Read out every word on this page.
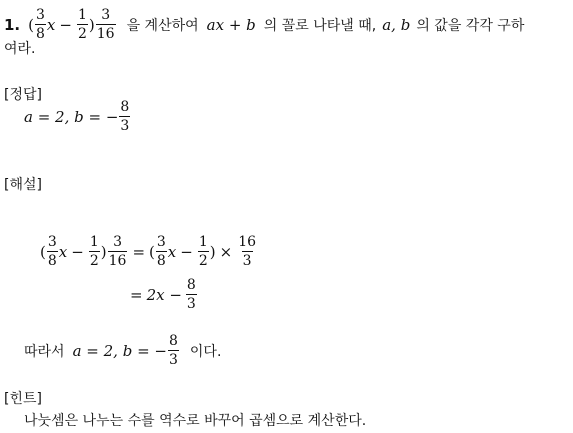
1. ( $\frac{3}{8}$ $x - \frac{1}{2}$ ) $\frac{3}{16}$ 을 계산하여 ax + b 의 꼴로 나타낼 때, a, b 의 값을 각각 구하
여라.
[정답]
a = 2, b = − $\frac{8}{3}$
[해설]
( $\frac{3}{8}$ $x - \frac{1}{2}$ ) $\frac{3}{16}$ = ( $\frac{3}{8}$ $x - \frac{1}{2}$ ) × $\frac{16}{3}$
= $2x - \frac{8}{3}$
따라서 a = 2, b = − $\frac{8}{3}$ 이다.
[힌트]
나눗셈은 나누는 수를 역수로 바꾸어 곱셈으로 계산한다.
